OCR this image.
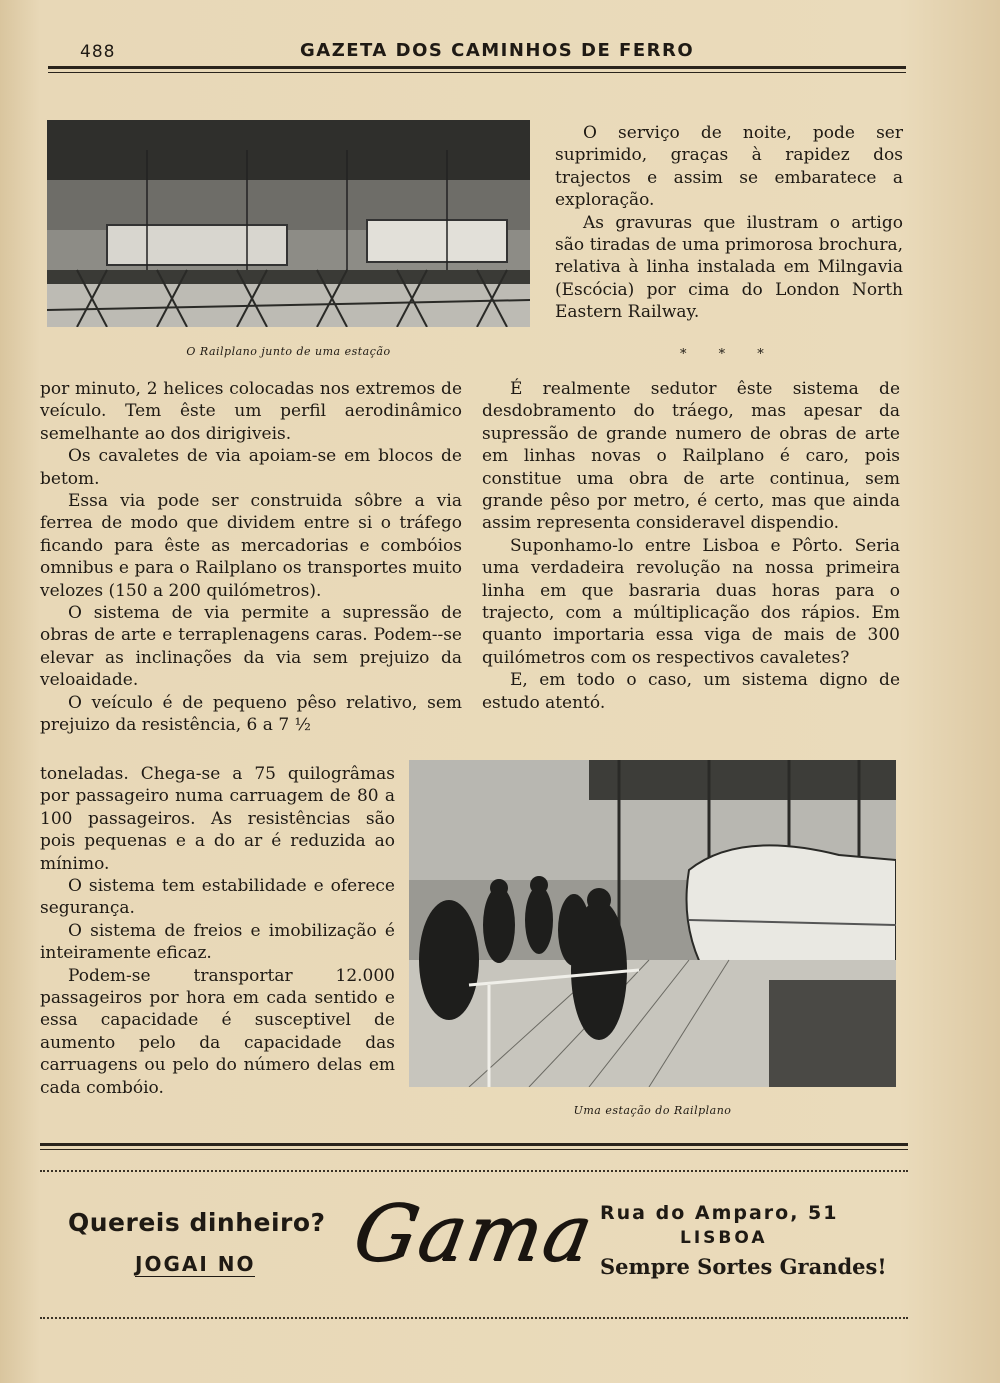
488	GAZETA DOS CAMINHOS DE FERRO
O Railplano junto de uma estação

O serviço de noite, pode ser suprimido, graças à rapidez dos trajectos e assim se embaratece a exploração.

As gravuras que ilustram o artigo são tiradas de uma primorosa brochura, relativa à linha instalada em Milngavia (Escócia) por cima do London North Eastern Railway.

* * *

por minuto, 2 helices colocadas nos extremos de veículo. Tem êste um perfil aerodinâmico semelhante ao dos dirigiveis.

Os cavaletes de via apoiam-se em blocos de betom.

Essa via pode ser construida sôbre a via ferrea de modo que dividem entre si o tráfego ficando para êste as mercadorias e combóios omnibus e para o Railplano os transportes muito velozes (150 a 200 quilómetros).

O sistema de via permite a supressão de obras de arte e terraplenagens caras. Podem--se elevar as inclinações da via sem prejuizo da veloaidade.

O veículo é de pequeno pêso relativo, sem prejuizo da resistência, 6 a 7 ½

toneladas. Chega-se a 75 quilogrâmas por passageiro numa carruagem de 80 a 100 passageiros. As resistências são pois pequenas e a do ar é reduzida ao mínimo.

O sistema tem estabilidade e oferece segurança.

O sistema de freios e imobilização é inteiramente eficaz.

Podem-se transportar 12.000 passageiros por hora em cada sentido e essa capacidade é susceptivel de aumento pelo da capacidade das carruagens ou pelo do número delas em cada combóio.

É realmente sedutor êste sistema de desdobramento do tráego, mas apesar da supressão de grande numero de obras de arte em linhas novas o Railplano é caro, pois constitue uma obra de arte continua, sem grande pêso por metro, é certo, mas que ainda assim representa consideravel dispendio.

Suponhamo-lo entre Lisboa e Pôrto. Seria uma verdadeira revolução na nossa primeira linha em que basraria duas horas para o trajecto, com a múltiplicação dos rápios. Em quanto importaria essa viga de mais de 300 quilómetros com os respectivos cavaletes?

E, em todo o caso, um sistema digno de estudo atentó.

Uma estação do Railplano
Quereis dinheiro?
JOGAI NO Gama Rua do Amparo, 51
LISBOA
Sempre Sortes Grandes!
